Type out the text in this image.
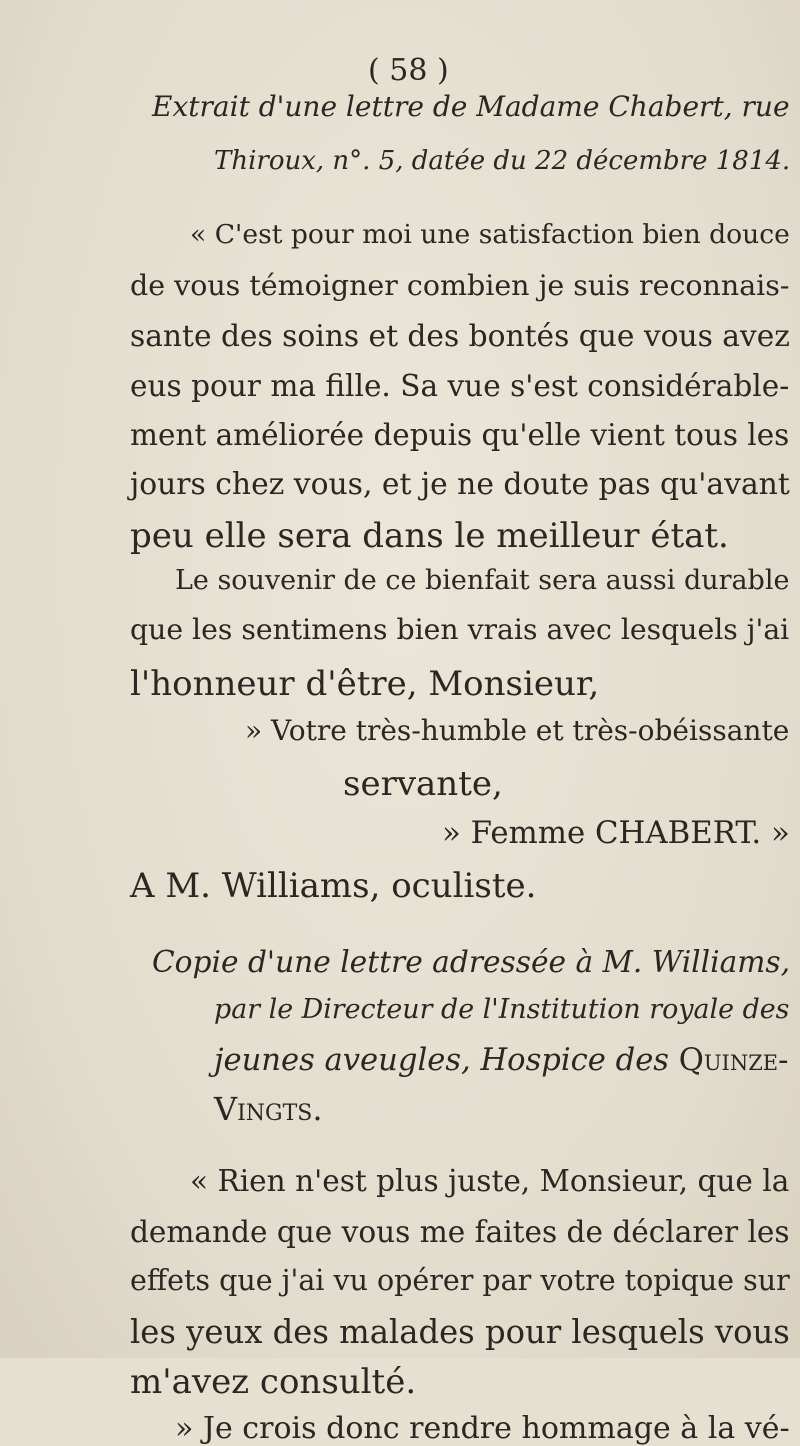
( 58 )
Extrait d'une lettre de Madame Chabert, rue
Thiroux, n°. 5, datée du 22 décembre 1814.
« C'est pour moi une satisfaction bien douce
de vous témoigner combien je suis reconnais-
sante des soins et des bontés que vous avez
eus pour ma fille. Sa vue s'est considérable-
ment améliorée depuis qu'elle vient tous les
jours chez vous, et je ne doute pas qu'avant
peu elle sera dans le meilleur état.
Le souvenir de ce bienfait sera aussi durable
que les sentimens bien vrais avec lesquels j'ai
l'honneur d'être, Monsieur,
» Votre très-humble et très-obéissante
servante,
» Femme CHABERT. »
A M. Williams, oculiste.
Copie d'une lettre adressée à M. Williams,
par le Directeur de l'Institution royale des
jeunes aveugles, Hospice des Quinze-
Vingts.
« Rien n'est plus juste, Monsieur, que la
demande que vous me faites de déclarer les
effets que j'ai vu opérer par votre topique sur
les yeux des malades pour lesquels vous
m'avez consulté.
» Je crois donc rendre hommage à la vé-
